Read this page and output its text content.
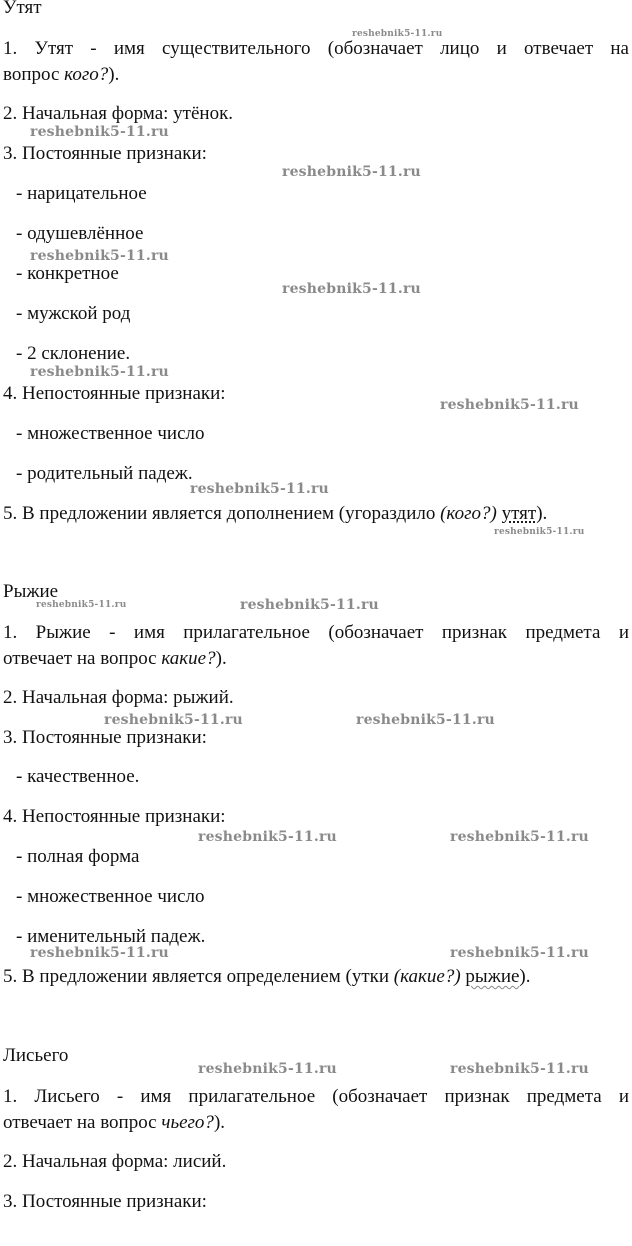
Утят
1. Утят - имя существительного (обозначает лицо и отвечает на
вопрос кого?).
2. Начальная форма: утёнок.
3. Постоянные признаки:
- нарицательное
- одушевлённое
- конкретное
- мужской род
- 2 склонение.
4. Непостоянные признаки:
- множественное число
- родительный падеж.
5. В предложении является дополнением (угораздило (кого?) утят).
Рыжие
1. Рыжие - имя прилагательное (обозначает признак предмета и
отвечает на вопрос какие?).
2. Начальная форма: рыжий.
3. Постоянные признаки:
- качественное.
4. Непостоянные признаки:
- полная форма
- множественное число
- именительный падеж.
5. В предложении является определением (утки (какие?) рыжие).
Лисьего
1. Лисьего - имя прилагательное (обозначает признак предмета и
отвечает на вопрос чьего?).
2. Начальная форма: лисий.
3. Постоянные признаки:
reshebnik5-11.ru
reshebnik5-11.ru
reshebnik5-11.ru
reshebnik5-11.ru
reshebnik5-11.ru
reshebnik5-11.ru
reshebnik5-11.ru
reshebnik5-11.ru
reshebnik5-11.ru
reshebnik5-11.ru	reshebnik5-11.ru
reshebnik5-11.ru	reshebnik5-11.ru
reshebnik5-11.ru	reshebnik5-11.ru
reshebnik5-11.ru	reshebnik5-11.ru
reshebnik5-11.ru	reshebnik5-11.ru
